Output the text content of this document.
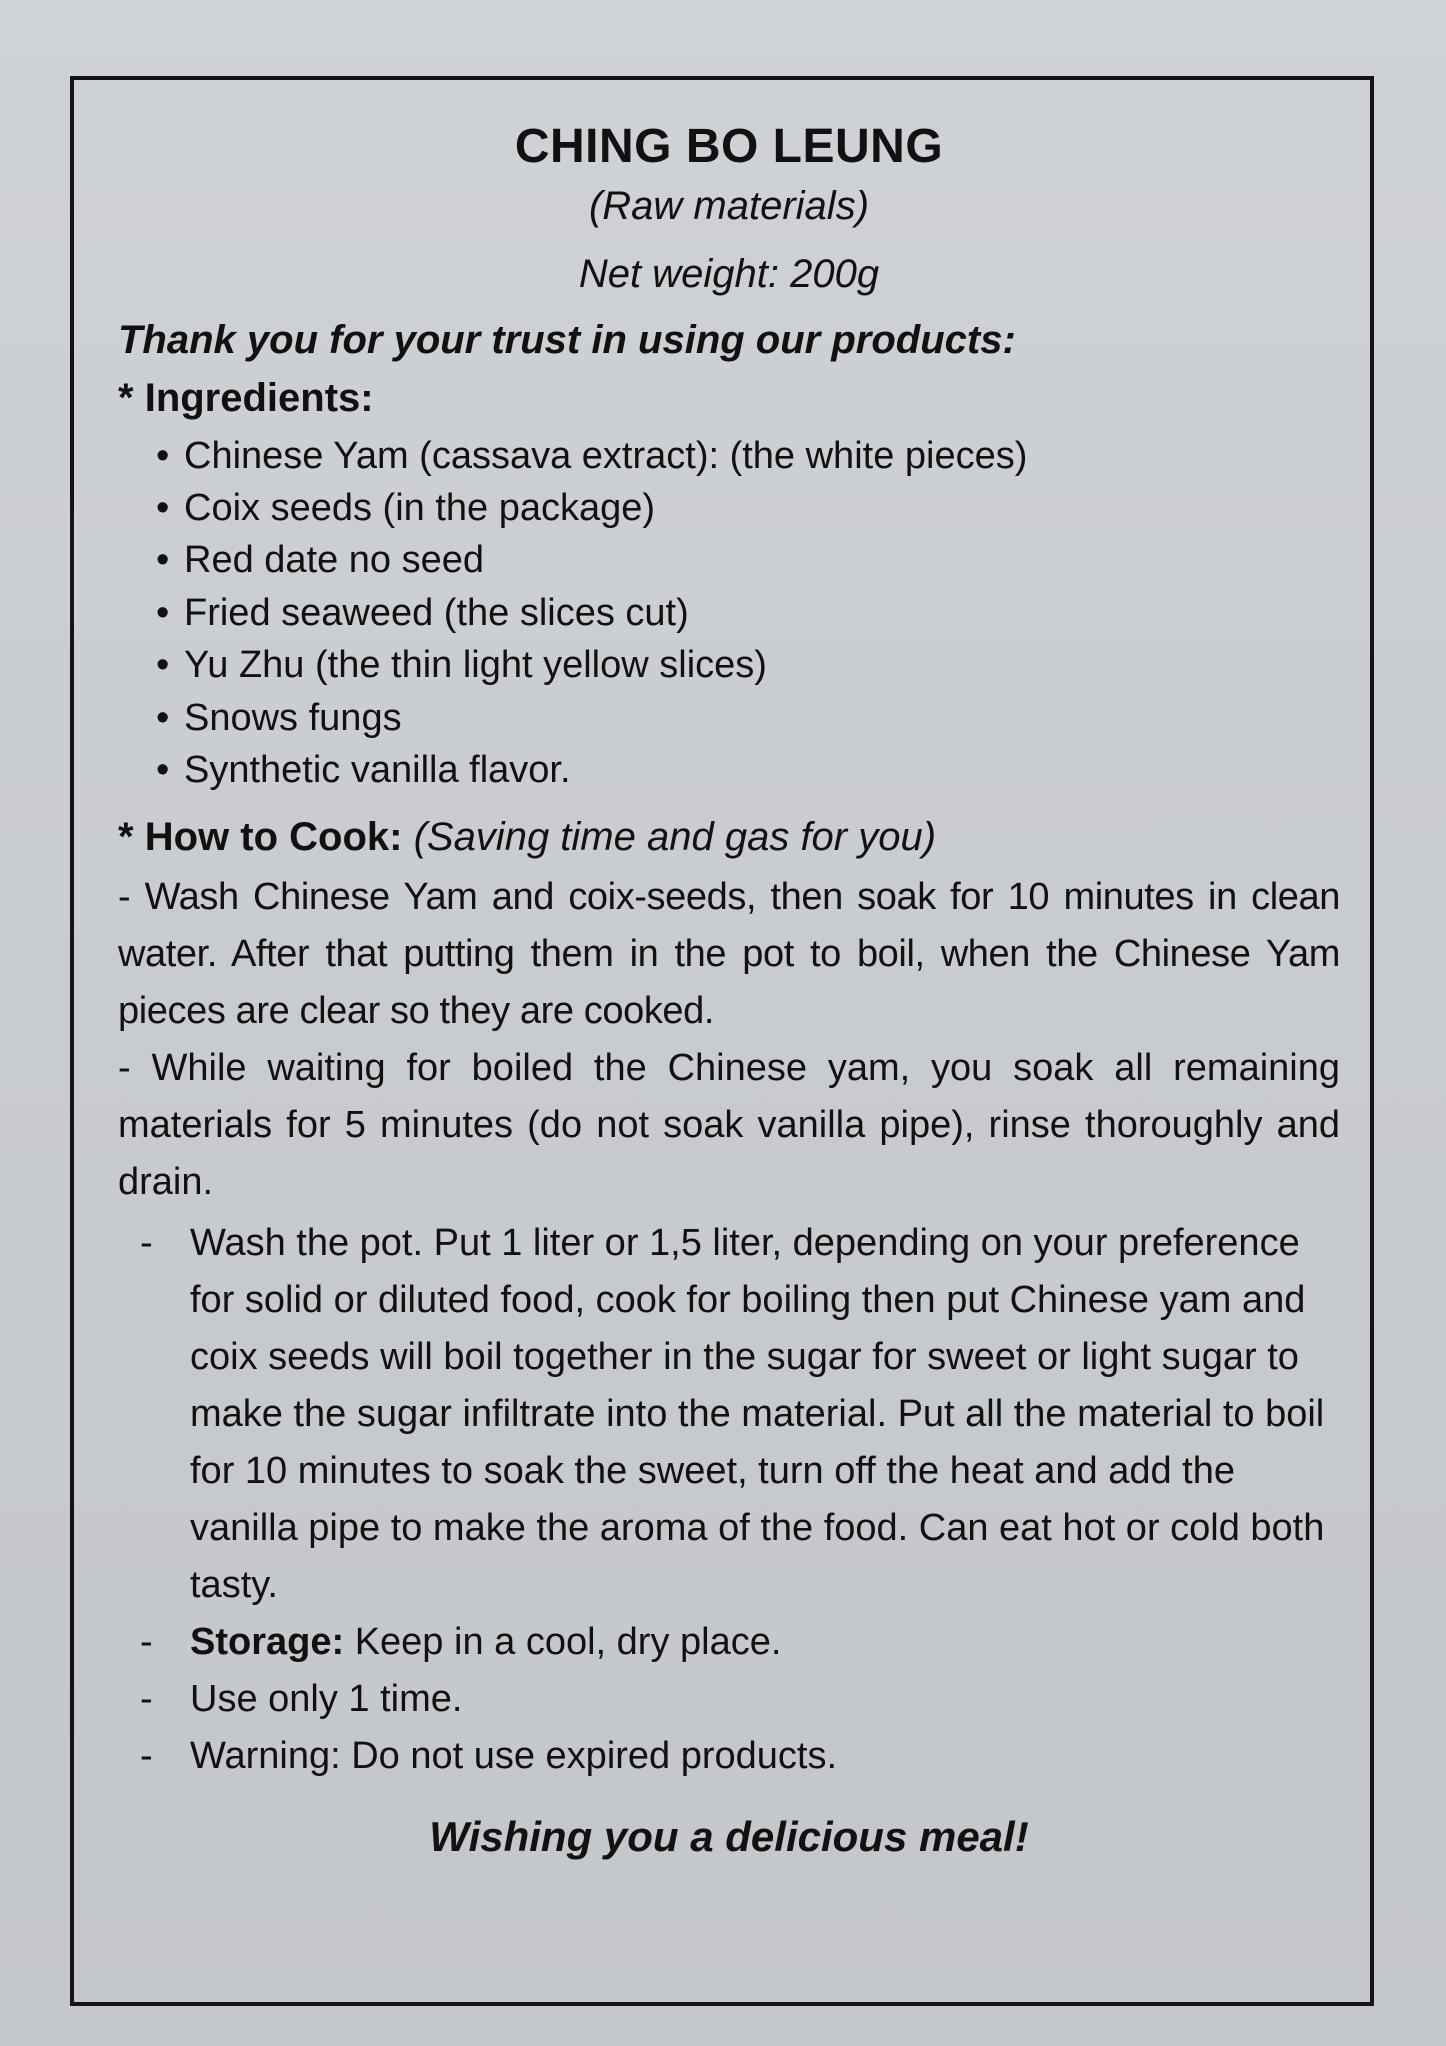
CHING BO LEUNG
(Raw materials)
Net weight: 200g
Thank you for your trust in using our products:
* Ingredients:
• Chinese Yam (cassava extract): (the white pieces)
• Coix seeds (in the package)
• Red date no seed
• Fried seaweed (the slices cut)
• Yu Zhu (the thin light yellow slices)
• Snows fungs
• Synthetic vanilla flavor.
* How to Cook: (Saving time and gas for you)

- Wash Chinese Yam and coix-seeds, then soak for 10 minutes in clean water. After that putting them in the pot to boil, when the Chinese Yam pieces are clear so they are cooked.

- While waiting for boiled the Chinese yam, you soak all remaining materials for 5 minutes (do not soak vanilla pipe), rinse thoroughly and drain.

- Wash the pot. Put 1 liter or 1,5 liter, depending on your preference for solid or diluted food, cook for boiling then put Chinese yam and coix seeds will boil together in the sugar for sweet or light sugar to make the sugar infiltrate into the material. Put all the material to boil for 10 minutes to soak the sweet, turn off the heat and add the vanilla pipe to make the aroma of the food. Can eat hot or cold both tasty.
- Storage: Keep in a cool, dry place.
- Use only 1 time.
- Warning: Do not use expired products.
Wishing you a delicious meal!
